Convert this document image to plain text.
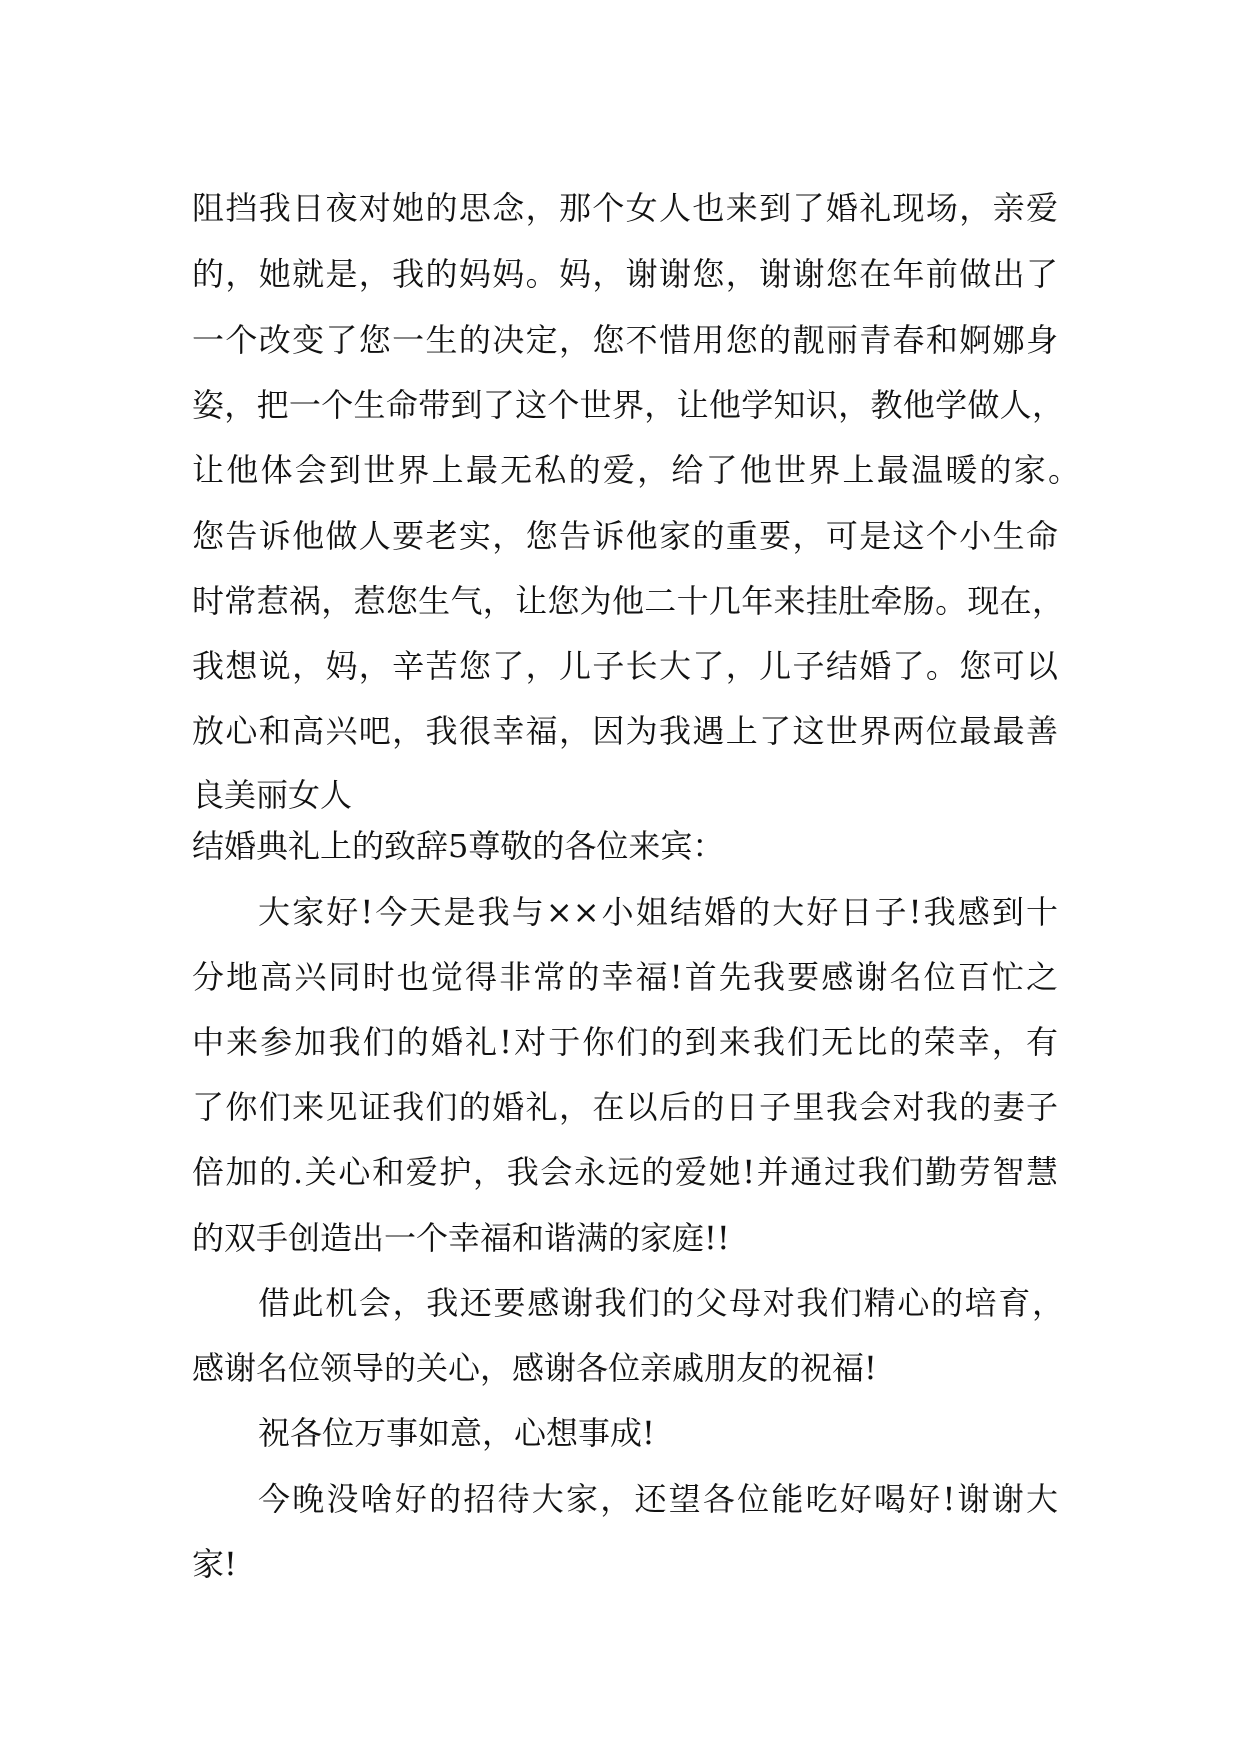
阻挡我日夜对她的思念，那个女人也来到了婚礼现场，亲爱
的，她就是，我的妈妈。妈，谢谢您，谢谢您在年前做出了
一个改变了您一生的决定，您不惜用您的靓丽青春和婀娜身
姿，把一个生命带到了这个世界，让他学知识，教他学做人，
让他体会到世界上最无私的爱，给了他世界上最温暖的家。
您告诉他做人要老实，您告诉他家的重要，可是这个小生命
时常惹祸，惹您生气，让您为他二十几年来挂肚牵肠。现在，
我想说，妈，辛苦您了，儿子长大了，儿子结婚了。您可以
放心和高兴吧，我很幸福，因为我遇上了这世界两位最最善
良美丽女人
结婚典礼上的致辞5尊敬的各位来宾：
大家好!今天是我与××小姐结婚的大好日子!我感到十
分地高兴同时也觉得非常的幸福!首先我要感谢名位百忙之
中来参加我们的婚礼!对于你们的到来我们无比的荣幸，有
了你们来见证我们的婚礼，在以后的日子里我会对我的妻子
倍加的.关心和爱护，我会永远的爱她!并通过我们勤劳智慧
的双手创造出一个幸福和谐满的家庭!!
借此机会，我还要感谢我们的父母对我们精心的培育，
感谢名位领导的关心，感谢各位亲戚朋友的祝福!
祝各位万事如意，心想事成!
今晚没啥好的招待大家，还望各位能吃好喝好!谢谢大
家!
